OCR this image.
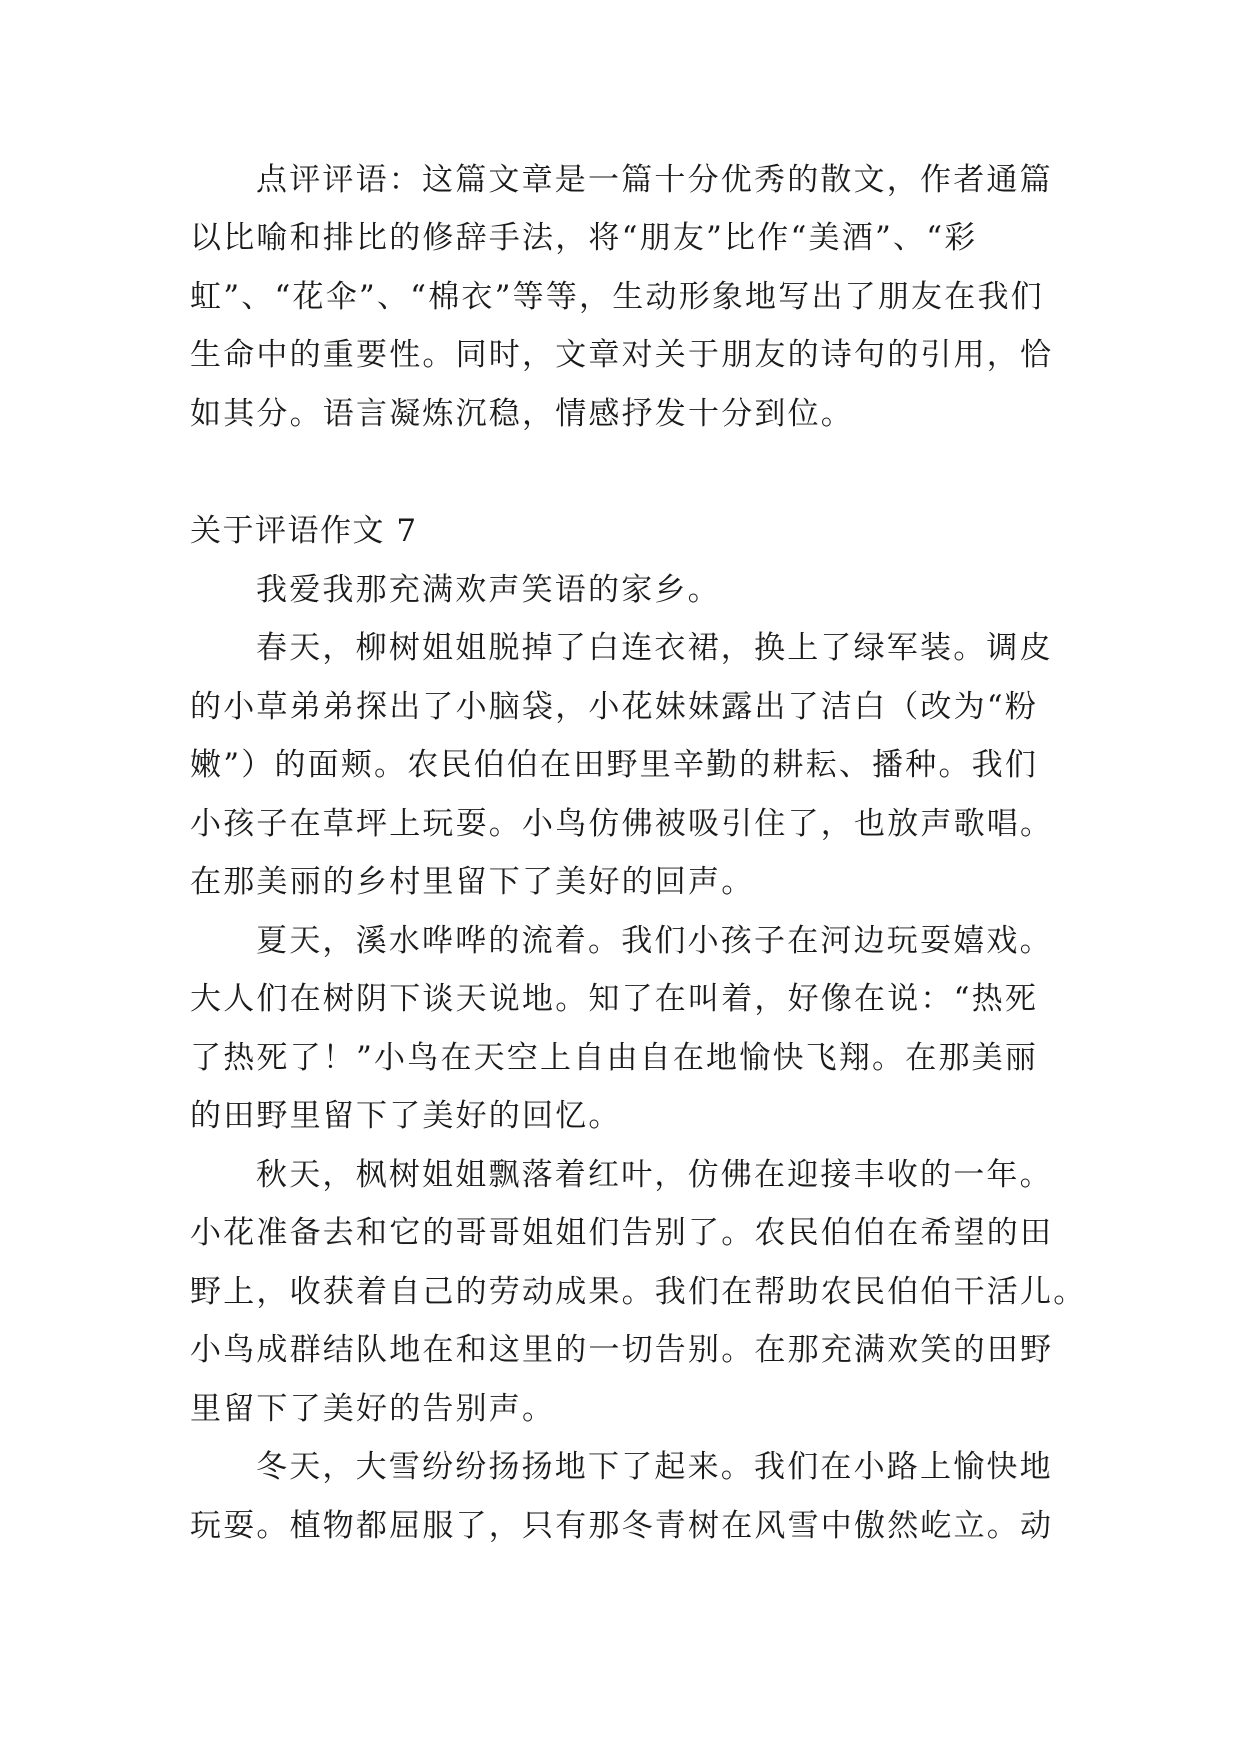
点评评语：这篇文章是一篇十分优秀的散文，作者通篇
以比喻和排比的修辞手法，将“朋友”比作“美酒”、“彩
虹”、“花伞”、“棉衣”等等，生动形象地写出了朋友在我们
生命中的重要性。同时，文章对关于朋友的诗句的引用，恰
如其分。语言凝炼沉稳，情感抒发十分到位。
关于评语作文 7
我爱我那充满欢声笑语的家乡。
春天，柳树姐姐脱掉了白连衣裙，换上了绿军装。调皮
的小草弟弟探出了小脑袋，小花妹妹露出了洁白（改为“粉
嫩”）的面颊。农民伯伯在田野里辛勤的耕耘、播种。我们
小孩子在草坪上玩耍。小鸟仿佛被吸引住了，也放声歌唱。
在那美丽的乡村里留下了美好的回声。
夏天，溪水哗哗的流着。我们小孩子在河边玩耍嬉戏。
大人们在树阴下谈天说地。知了在叫着，好像在说：“热死
了热死了！”小鸟在天空上自由自在地愉快飞翔。在那美丽
的田野里留下了美好的回忆。
秋天，枫树姐姐飘落着红叶，仿佛在迎接丰收的一年。
小花准备去和它的哥哥姐姐们告别了。农民伯伯在希望的田
野上，收获着自己的劳动成果。我们在帮助农民伯伯干活儿。
小鸟成群结队地在和这里的一切告别。在那充满欢笑的田野
里留下了美好的告别声。
冬天，大雪纷纷扬扬地下了起来。我们在小路上愉快地
玩耍。植物都屈服了，只有那冬青树在风雪中傲然屹立。动
